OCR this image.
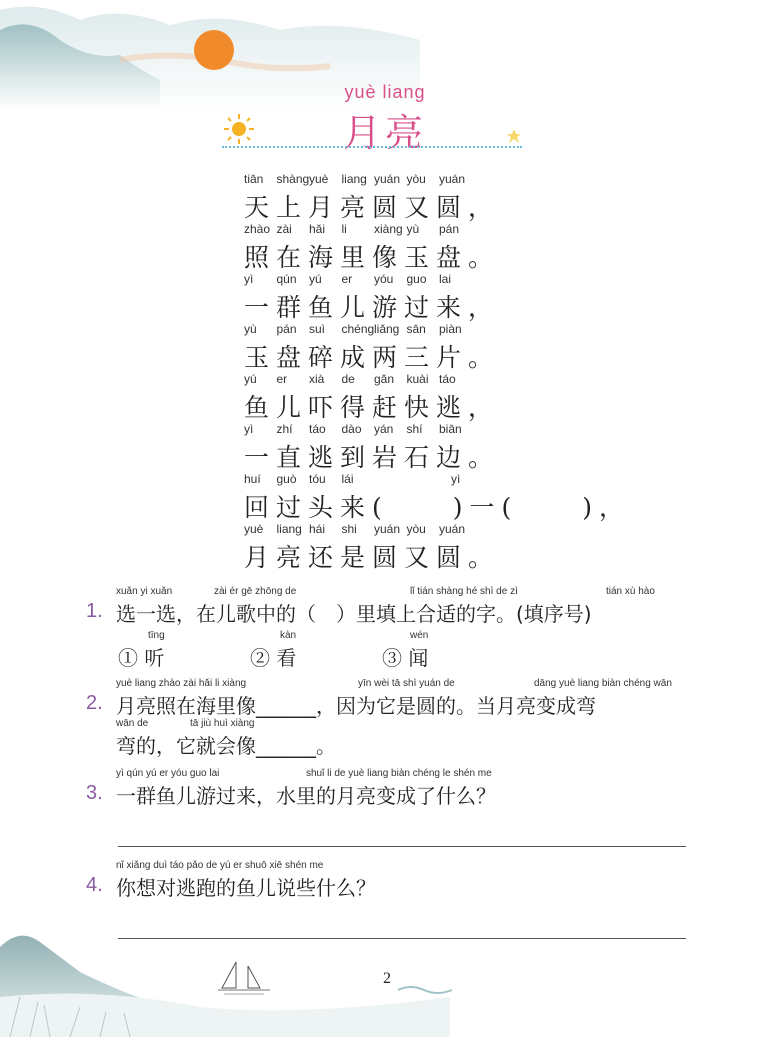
yuè liang
月亮
tiān shàng yuè liang yuán yòu yuán
天上月亮圆又圆，
zhào zài hǎi li xiàng yù pán
照在海里像玉盘。
yì qún yú er yóu guo lai
一群鱼儿游过来，
yù pán suì chéng liǎng sān piàn
玉盘碎成两三片。
yú er xià de gǎn kuài táo
鱼儿吓得赶快逃，
yì zhí táo dào yán shí biān
一直逃到岩石边。
huí guò tóu lái	yì
回过头来(　　)一(　　)，
yuè liang hái shi yuán yòu yuán
月亮还是圆又圆。
1.
xuǎn yi xuǎn	zài ér gē zhōng de	lǐ tián shàng hé shì de zì	tián xù hào
选一选，在儿歌中的（　）里填上合适的字。(填序号)
tīng
① 听
kàn
② 看
wén
③ 闻
2.
yuè liang zhào zài hǎi li xiàng	yīn wèi tā shì yuán de	dāng yuè liang biàn chéng wān
月亮照在海里像______，因为它是圆的。当月亮变成弯
wān de	tā jiù huì xiàng
弯的，它就会像______。
3.
yì qún yú er yóu guo lai	shuǐ li de yuè liang biàn chéng le shén me
一群鱼儿游过来，水里的月亮变成了什么？
4.
nǐ xiǎng duì táo pǎo de yú er shuō xiē shén me
你想对逃跑的鱼儿说些什么？
2
